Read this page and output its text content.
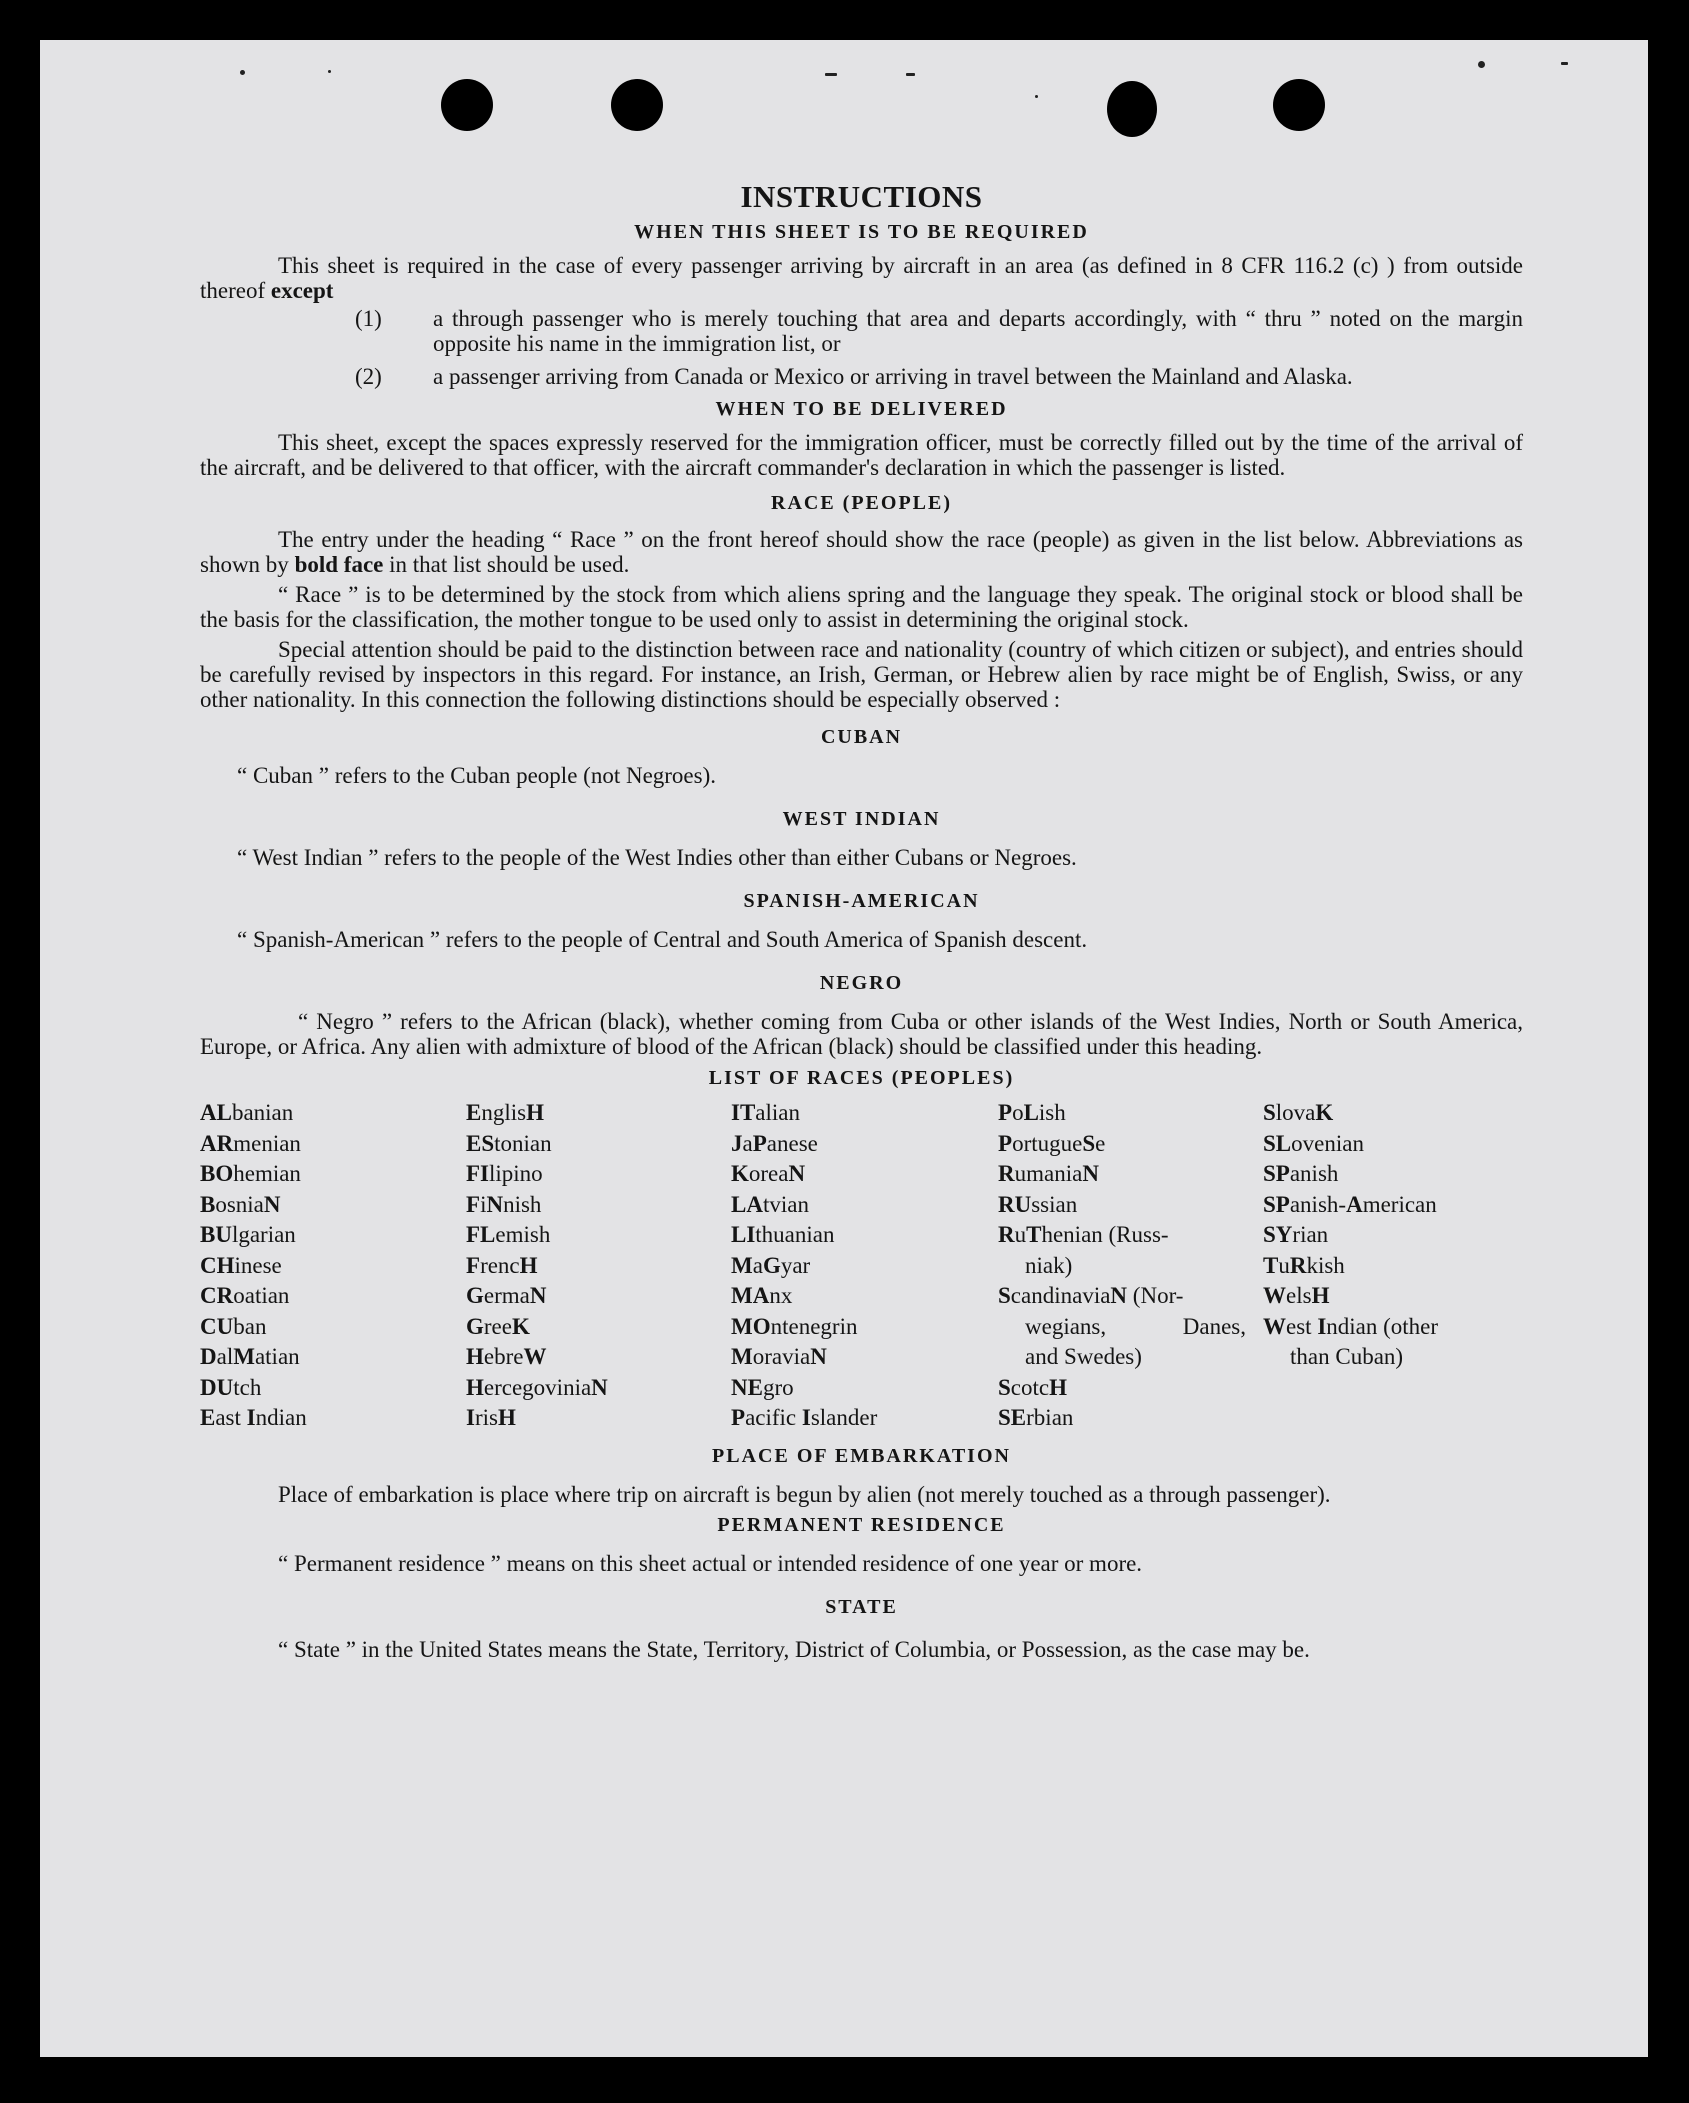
INSTRUCTIONS
WHEN THIS SHEET IS TO BE REQUIRED

This sheet is required in the case of every passenger arriving by aircraft in an area (as defined in 8 CFR 116.2 (c) ) from outside thereof except

(1) a through passenger who is merely touching that area and departs accordingly, with “ thru ” noted on the margin opposite his name in the immigration list, or

(2) a passenger arriving from Canada or Mexico or arriving in travel between the Mainland and Alaska.

WHEN TO BE DELIVERED

This sheet, except the spaces expressly reserved for the immigration officer, must be correctly filled out by the time of the arrival of the aircraft, and be delivered to that officer, with the aircraft commander's declaration in which the passenger is listed.

RACE (PEOPLE)

The entry under the heading “ Race ” on the front hereof should show the race (people) as given in the list below. Abbreviations as shown by bold face in that list should be used.

“ Race ” is to be determined by the stock from which aliens spring and the language they speak. The original stock or blood shall be the basis for the classification, the mother tongue to be used only to assist in determining the original stock.

Special attention should be paid to the distinction between race and nationality (country of which citizen or subject), and entries should be carefully revised by inspectors in this regard. For instance, an Irish, German, or Hebrew alien by race might be of English, Swiss, or any other nationality. In this connection the following distinctions should be especially observed :

CUBAN

“ Cuban ” refers to the Cuban people (not Negroes).

WEST INDIAN

“ West Indian ” refers to the people of the West Indies other than either Cubans or Negroes.

SPANISH-AMERICAN

“ Spanish-American ” refers to the people of Central and South America of Spanish descent.

NEGRO

“ Negro ” refers to the African (black), whether coming from Cuba or other islands of the West Indies, North or South America, Europe, or Africa. Any alien with admixture of blood of the African (black) should be classified under this heading.

LIST OF RACES (PEOPLES)
ALbanian
ARmenian
BOhemian
BosniaN
BUlgarian
CHinese
CRoatian
CUban
DalMatian
DUtch
East Indian
EnglisH
EStonian
FIlipino
FiNnish
FLemish
FrencH
GermaN
GreeK
HebreW
HercegoviniaN
IrisH
ITalian
JaPanese
KoreaN
LAtvian
LIthuanian
MaGyar
MAnx
MOntenegrin
MoraviaN
NEgro
Pacific Islander
PoLish
PortugueSe
RumaniaN
RUssian
RuThenian (Russ-
niak)
ScandinaviaN (Nor-
wegians,	Danes,
and Swedes)
ScotcH
SErbian
SlovaK
SLovenian
SPanish
SPanish-American
SYrian
TuRkish
WelsH
West Indian (other
than Cuban)
PLACE OF EMBARKATION

Place of embarkation is place where trip on aircraft is begun by alien (not merely touched as a through passenger).

PERMANENT RESIDENCE

“ Permanent residence ” means on this sheet actual or intended residence of one year or more.

STATE

“ State ” in the United States means the State, Territory, District of Columbia, or Possession, as the case may be.
